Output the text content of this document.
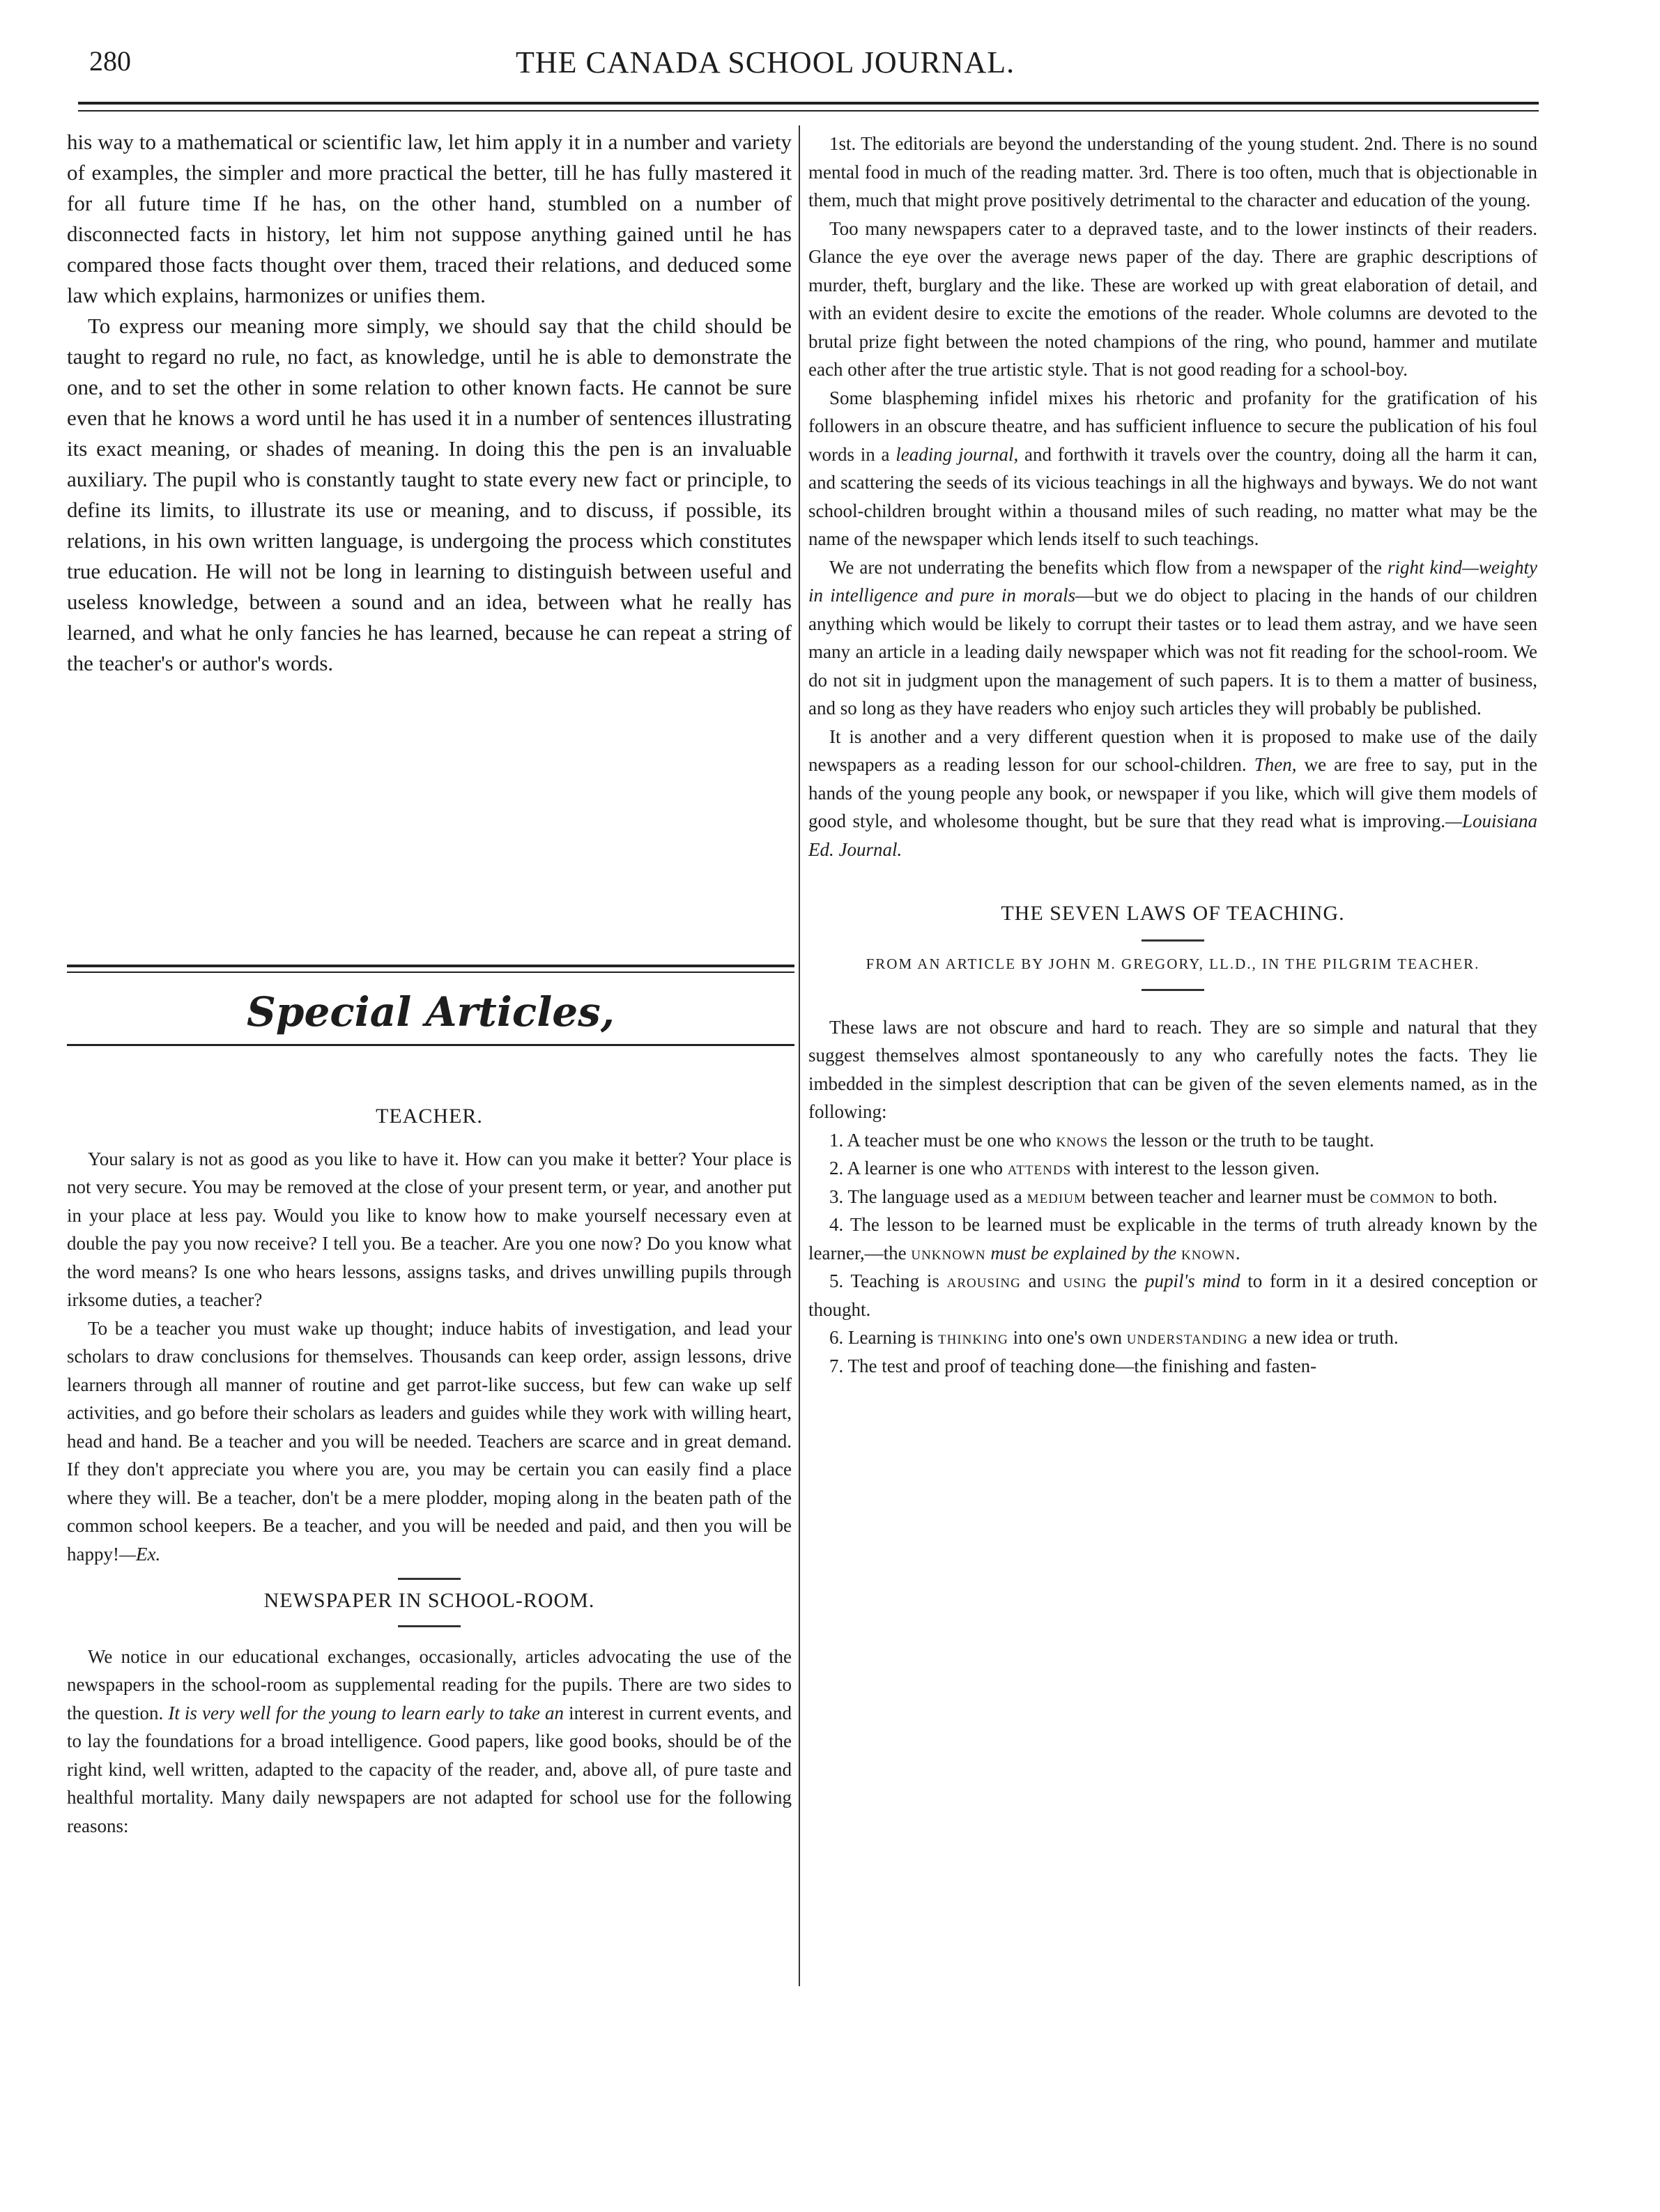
280	THE CANADA SCHOOL JOURNAL.

his way to a mathematical or scientific law, let him apply it in a number and variety of examples, the simpler and more practical the better, till he has fully mastered it for all future time If he has, on the other hand, stumbled on a number of disconnected facts in history, let him not suppose anything gained until he has compared those facts thought over them, traced their relations, and deduced some law which explains, harmonizes or unifies them.

To express our meaning more simply, we should say that the child should be taught to regard no rule, no fact, as knowledge, until he is able to demonstrate the one, and to set the other in some relation to other known facts. He cannot be sure even that he knows a word until he has used it in a number of sentences illustrating its exact meaning, or shades of meaning. In doing this the pen is an invaluable auxiliary. The pupil who is constantly taught to state every new fact or principle, to define its limits, to illustrate its use or meaning, and to discuss, if possible, its relations, in his own written language, is undergoing the process which constitutes true education. He will not be long in learning to distinguish between useful and useless knowledge, between a sound and an idea, between what he really has learned, and what he only fancies he has learned, because he can repeat a string of the teacher's or author's words.

Special Articles,
TEACHER.

Your salary is not as good as you like to have it. How can you make it better? Your place is not very secure. You may be removed at the close of your present term, or year, and another put in your place at less pay. Would you like to know how to make yourself necessary even at double the pay you now receive? I tell you. Be a teacher. Are you one now? Do you know what the word means? Is one who hears lessons, assigns tasks, and drives unwilling pupils through irksome duties, a teacher?

To be a teacher you must wake up thought; induce habits of investigation, and lead your scholars to draw conclusions for themselves. Thousands can keep order, assign lessons, drive learners through all manner of routine and get parrot-like success, but few can wake up self activities, and go before their scholars as leaders and guides while they work with willing heart, head and hand. Be a teacher and you will be needed. Teachers are scarce and in great demand. If they don't appreciate you where you are, you may be certain you can easily find a place where they will. Be a teacher, don't be a mere plodder, moping along in the beaten path of the common school keepers. Be a teacher, and you will be needed and paid, and then you will be happy!—Ex.

NEWSPAPER IN SCHOOL-ROOM.

We notice in our educational exchanges, occasionally, articles advocating the use of the newspapers in the school-room as supplemental reading for the pupils. There are two sides to the question. It is very well for the young to learn early to take an interest in current events, and to lay the foundations for a broad intelligence. Good papers, like good books, should be of the right kind, well written, adapted to the capacity of the reader, and, above all, of pure taste and healthful mortality. Many daily newspapers are not adapted for school use for the following reasons:

1st. The editorials are beyond the understanding of the young student. 2nd. There is no sound mental food in much of the reading matter. 3rd. There is too often, much that is objectionable in them, much that might prove positively detrimental to the character and education of the young.

Too many newspapers cater to a depraved taste, and to the lower instincts of their readers. Glance the eye over the average news paper of the day. There are graphic descriptions of murder, theft, burglary and the like. These are worked up with great elaboration of detail, and with an evident desire to excite the emotions of the reader. Whole columns are devoted to the brutal prize fight between the noted champions of the ring, who pound, hammer and mutilate each other after the true artistic style. That is not good reading for a school-boy.

Some blaspheming infidel mixes his rhetoric and profanity for the gratification of his followers in an obscure theatre, and has sufficient influence to secure the publication of his foul words in a leading journal, and forthwith it travels over the country, doing all the harm it can, and scattering the seeds of its vicious teachings in all the highways and byways. We do not want school-children brought within a thousand miles of such reading, no matter what may be the name of the newspaper which lends itself to such teachings.

We are not underrating the benefits which flow from a newspaper of the right kind—weighty in intelligence and pure in morals—but we do object to placing in the hands of our children anything which would be likely to corrupt their tastes or to lead them astray, and we have seen many an article in a leading daily newspaper which was not fit reading for the school-room. We do not sit in judgment upon the management of such papers. It is to them a matter of business, and so long as they have readers who enjoy such articles they will probably be published.

It is another and a very different question when it is proposed to make use of the daily newspapers as a reading lesson for our school-children. Then, we are free to say, put in the hands of the young people any book, or newspaper if you like, which will give them models of good style, and wholesome thought, but be sure that they read what is improving.—Louisiana Ed. Journal.

THE SEVEN LAWS OF TEACHING.
FROM AN ARTICLE BY JOHN M. GREGORY, LL.D., IN THE PILGRIM TEACHER.

These laws are not obscure and hard to reach. They are so simple and natural that they suggest themselves almost spontaneously to any who carefully notes the facts. They lie imbedded in the simplest description that can be given of the seven elements named, as in the following:

1. A teacher must be one who knows the lesson or the truth to be taught.

2. A learner is one who attends with interest to the lesson given.

3. The language used as a medium between teacher and learner must be common to both.

4. The lesson to be learned must be explicable in the terms of truth already known by the learner,—the unknown must be explained by the known.

5. Teaching is arousing and using the pupil's mind to form in it a desired conception or thought.

6. Learning is thinking into one's own understanding a new idea or truth.

7. The test and proof of teaching done—the finishing and fasten-
